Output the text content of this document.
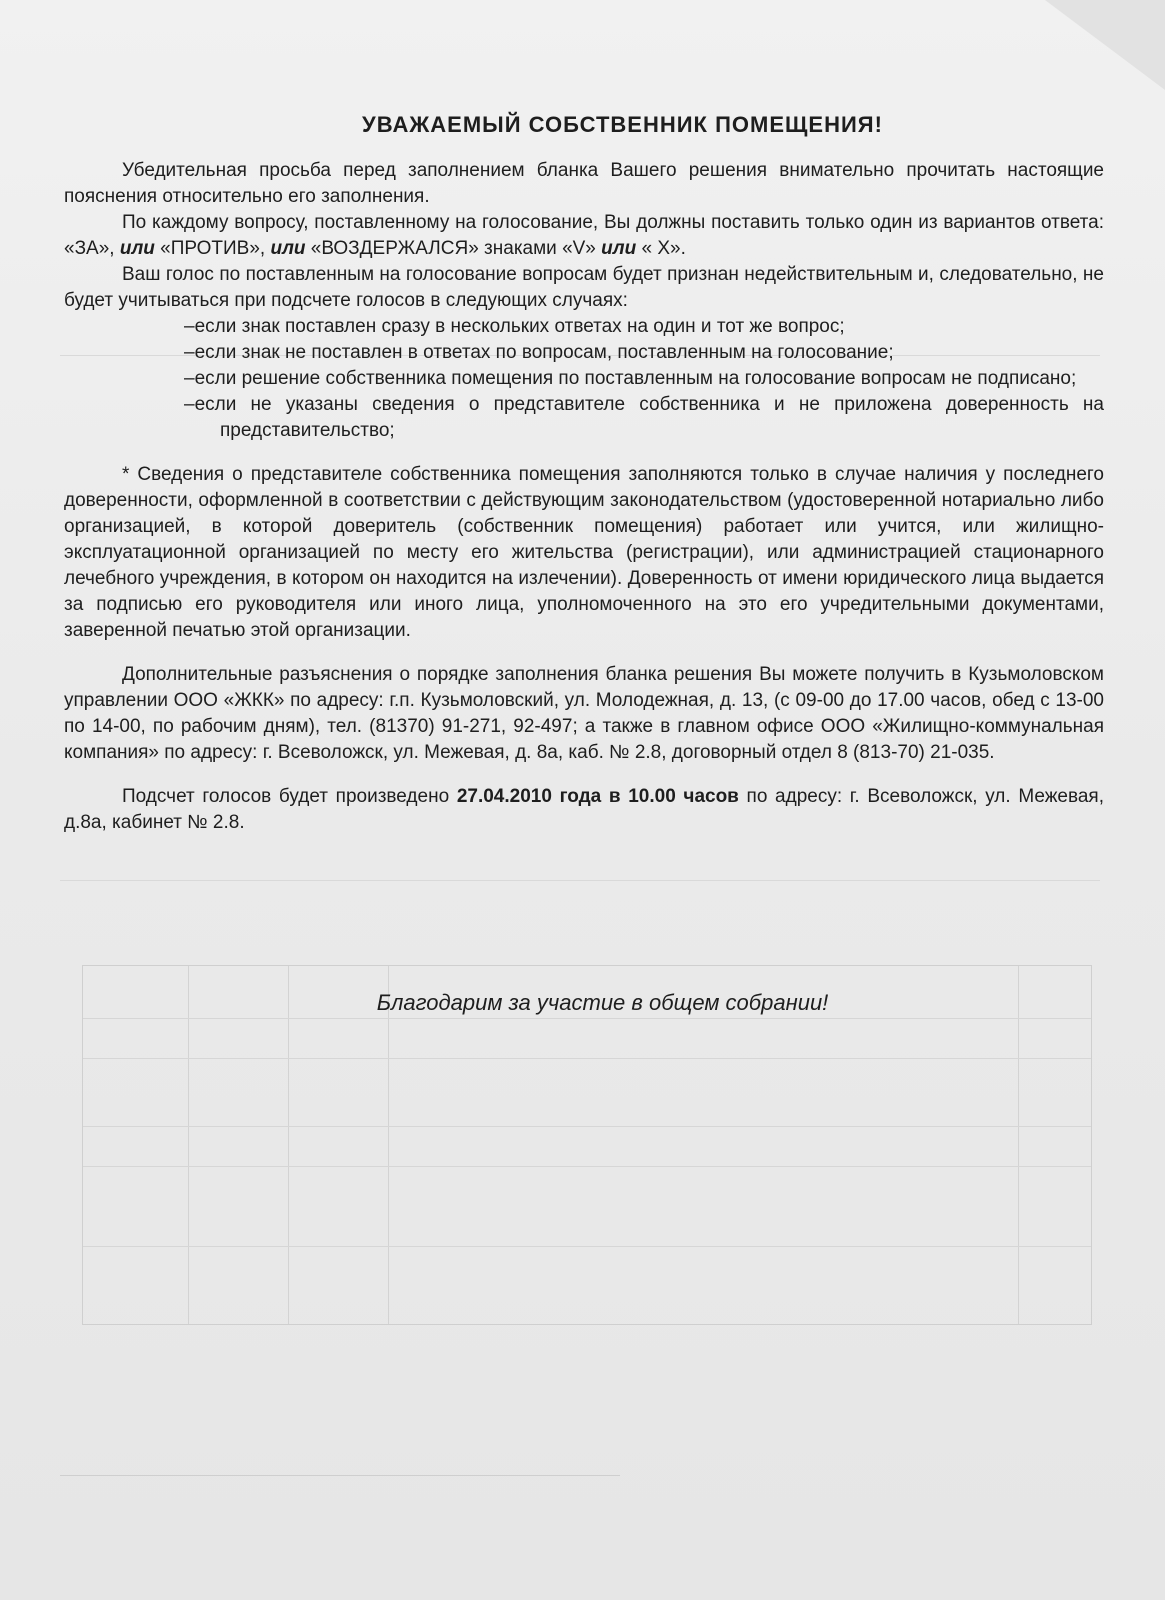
УВАЖАЕМЫЙ СОБСТВЕННИК ПОМЕЩЕНИЯ!

Убедительная просьба перед заполнением бланка Вашего решения внимательно прочитать настоящие пояснения относительно его заполнения.

По каждому вопросу, поставленному на голосование, Вы должны поставить только один из вариантов ответа: «ЗА», или «ПРОТИВ», или «ВОЗДЕРЖАЛСЯ» знаками «V» или « X».

Ваш голос по поставленным на голосование вопросам будет признан недействительным и, следовательно, не будет учитываться при подсчете голосов в следующих случаях:

–если знак поставлен сразу в нескольких ответах на один и тот же вопрос;
–если знак не поставлен в ответах по вопросам, поставленным на голосование;
–если решение собственника помещения по поставленным на голосование вопросам не подписано;
–если не указаны сведения о представителе собственника и не приложена доверенность на представительство;

* Сведения о представителе собственника помещения заполняются только в случае наличия у последнего доверенности, оформленной в соответствии с действующим законодательством (удостоверенной нотариально либо организацией, в которой доверитель (собственник помещения) работает или учится, или жилищно-эксплуатационной организацией по месту его жительства (регистрации), или администрацией стационарного лечебного учреждения, в котором он находится на излечении). Доверенность от имени юридического лица выдается за подписью его руководителя или иного лица, уполномоченного на это его учредительными документами, заверенной печатью этой организации.

Дополнительные разъяснения о порядке заполнения бланка решения Вы можете получить в Кузьмоловском управлении ООО «ЖКК» по адресу: г.п. Кузьмоловский, ул. Молодежная, д. 13, (с 09-00 до 17.00 часов, обед с 13-00 по 14-00, по рабочим дням), тел. (81370) 91-271, 92-497; а также в главном офисе ООО «Жилищно-коммунальная компания» по адресу: г. Всеволожск, ул. Межевая, д. 8а, каб. № 2.8, договорный отдел 8 (813-70) 21-035.

Подсчет голосов будет произведено 27.04.2010 года в 10.00 часов по адресу: г. Всеволожск, ул. Межевая, д.8а, кабинет № 2.8.

Благодарим за участие в общем собрании!
